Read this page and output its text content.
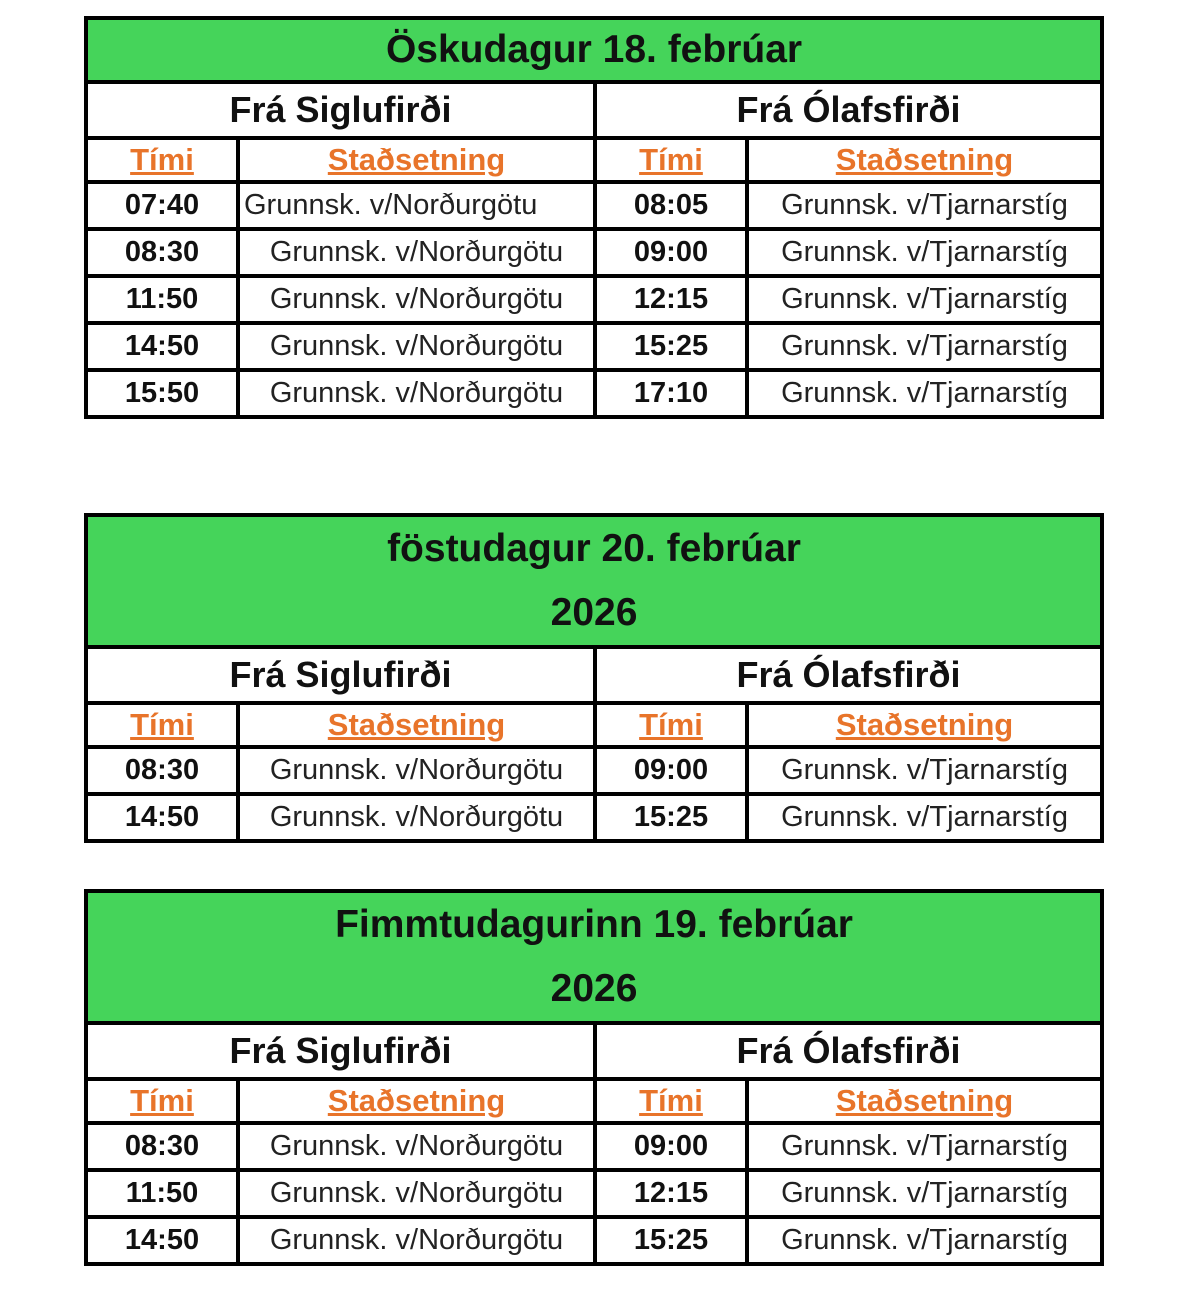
Öskudagur 18. febrúar			

Frá Siglufirði		Frá Ólafsfirði	
Tími	Staðsetning	Tími	Staðsetning
07:40	Grunnsk. v/Norðurgötu	08:05	Grunnsk. v/Tjarnarstíg
08:30	Grunnsk. v/Norðurgötu	09:00	Grunnsk. v/Tjarnarstíg
11:50	Grunnsk. v/Norðurgötu	12:15	Grunnsk. v/Tjarnarstíg
14:50	Grunnsk. v/Norðurgötu	15:25	Grunnsk. v/Tjarnarstíg
15:50	Grunnsk. v/Norðurgötu	17:10	Grunnsk. v/Tjarnarstíg
föstudagur 20. febrúar
2026			

Frá Siglufirði		Frá Ólafsfirði	
Tími	Staðsetning	Tími	Staðsetning
08:30	Grunnsk. v/Norðurgötu	09:00	Grunnsk. v/Tjarnarstíg
14:50	Grunnsk. v/Norðurgötu	15:25	Grunnsk. v/Tjarnarstíg
Fimmtudagurinn 19. febrúar
2026			

Frá Siglufirði		Frá Ólafsfirði	
Tími	Staðsetning	Tími	Staðsetning
08:30	Grunnsk. v/Norðurgötu	09:00	Grunnsk. v/Tjarnarstíg
11:50	Grunnsk. v/Norðurgötu	12:15	Grunnsk. v/Tjarnarstíg
14:50	Grunnsk. v/Norðurgötu	15:25	Grunnsk. v/Tjarnarstíg
